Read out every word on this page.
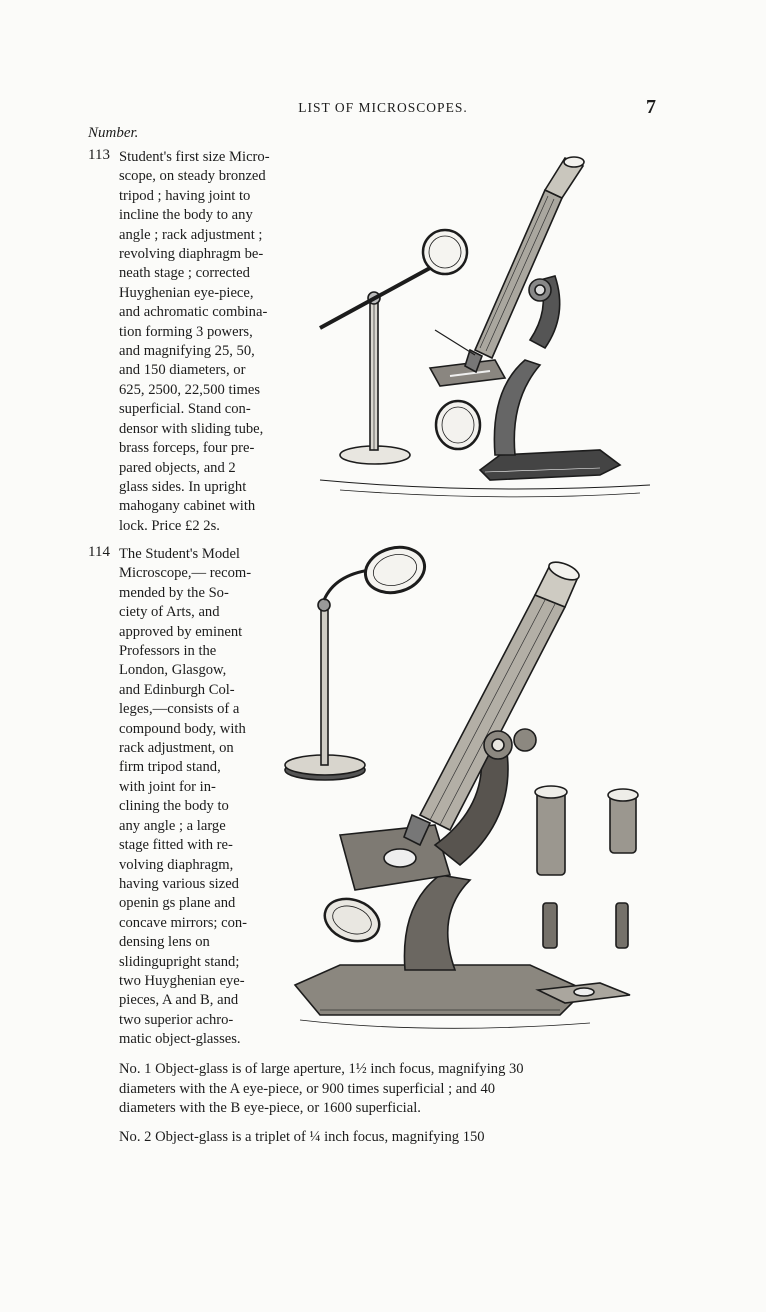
LIST OF MICROSCOPES.	7
Number.
113 Student's first size Micro-
scope, on steady bronzed
tripod ; having joint to
incline the body to any
angle ; rack adjustment ;
revolving diaphragm be-
neath stage ; corrected
Huyghenian eye-piece,
and achromatic combina-
tion forming 3 powers,
and magnifying 25, 50,
and 150 diameters, or
625, 2500, 22,500 times
superficial. Stand con-
densor with sliding tube,
brass forceps, four pre-
pared objects, and 2
glass sides. In upright
mahogany cabinet with
lock. Price £2 2s.
114 The Student's Model
Microscope,— recom-
mended by the So-
ciety of Arts, and
approved by eminent
Professors in the
London, Glasgow,
and Edinburgh Col-
leges,—consists of a
compound body, with
rack adjustment, on
firm tripod stand,
with joint for in-
clining the body to
any angle ; a large
stage fitted with re-
volving diaphragm,
having various sized
openin gs plane and
concave mirrors; con-
densing lens on
slidingupright stand;
two Huyghenian eye-
pieces, A and B, and
two superior achro-
matic object-glasses.
No. 1 Object-glass is of large aperture, 1½ inch focus, magnifying 30
diameters with the A eye-piece, or 900 times superficial ; and 40
diameters with the B eye-piece, or 1600 superficial.
No. 2 Object-glass is a triplet of ¼ inch focus, magnifying 150
